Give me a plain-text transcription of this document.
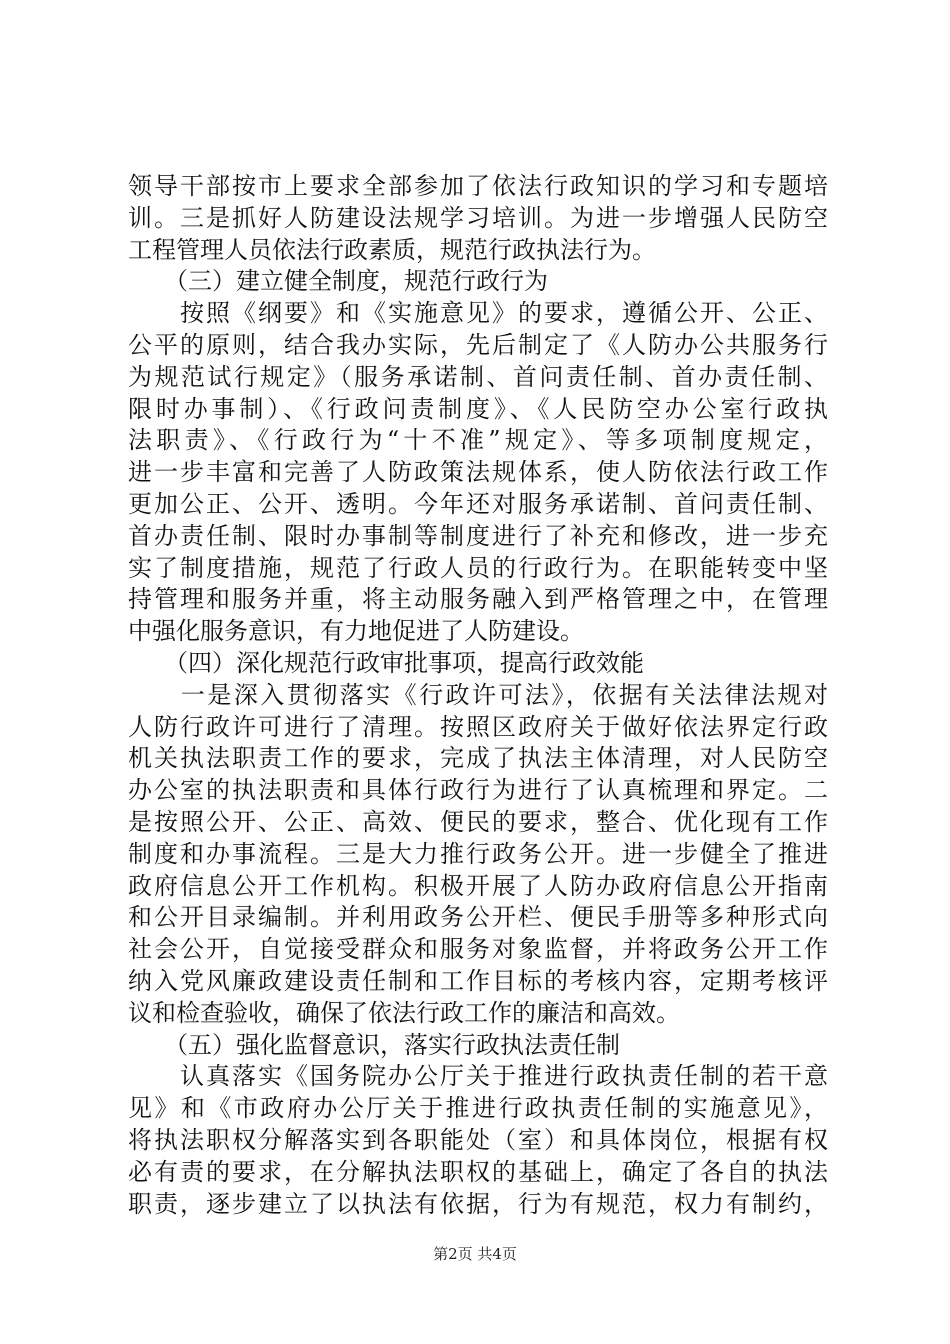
领导干部按市上要求全部参加了依法行政知识的学习和专题培
训。三是抓好人防建设法规学习培训。为进一步增强人民防空
工程管理人员依法行政素质，规范行政执法行为。
　　（三）建立健全制度，规范行政行为
　　按照《纲要》和《实施意见》的要求，遵循公开、公正、
公平的原则，结合我办实际，先后制定了《人防办公共服务行
为规范试行规定》（服务承诺制、首问责任制、首办责任制、
限时办事制）、《行政问责制度》、《人民防空办公室行政执
法职责》、《行政行为“十不准”规定》、等多项制度规定，
进一步丰富和完善了人防政策法规体系，使人防依法行政工作
更加公正、公开、透明。今年还对服务承诺制、首问责任制、
首办责任制、限时办事制等制度进行了补充和修改，进一步充
实了制度措施，规范了行政人员的行政行为。在职能转变中坚
持管理和服务并重，将主动服务融入到严格管理之中，在管理
中强化服务意识，有力地促进了人防建设。
　　（四）深化规范行政审批事项，提高行政效能
　　一是深入贯彻落实《行政许可法》，依据有关法律法规对
人防行政许可进行了清理。按照区政府关于做好依法界定行政
机关执法职责工作的要求，完成了执法主体清理，对人民防空
办公室的执法职责和具体行政行为进行了认真梳理和界定。二
是按照公开、公正、高效、便民的要求，整合、优化现有工作
制度和办事流程。三是大力推行政务公开。进一步健全了推进
政府信息公开工作机构。积极开展了人防办政府信息公开指南
和公开目录编制。并利用政务公开栏、便民手册等多种形式向
社会公开，自觉接受群众和服务对象监督，并将政务公开工作
纳入党风廉政建设责任制和工作目标的考核内容，定期考核评
议和检查验收，确保了依法行政工作的廉洁和高效。
　　（五）强化监督意识，落实行政执法责任制
　　认真落实《国务院办公厅关于推进行政执责任制的若干意
见》和《市政府办公厅关于推进行政执责任制的实施意见》，
将执法职权分解落实到各职能处（室）和具体岗位，根据有权
必有责的要求，在分解执法职权的基础上，确定了各自的执法
职责，逐步建立了以执法有依据，行为有规范，权力有制约，
第2页 共4页
